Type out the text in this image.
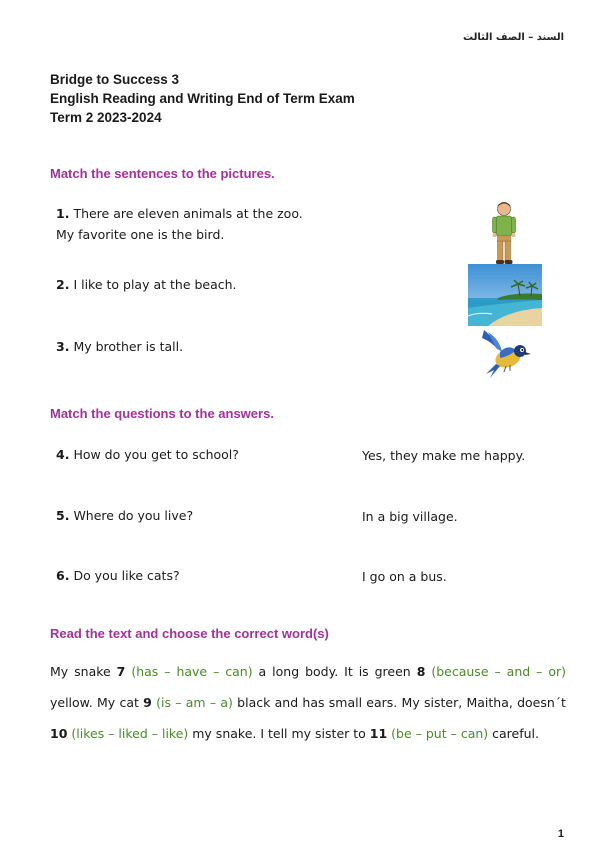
السند – الصف الثالث
Bridge to Success 3
English Reading and Writing End of Term Exam
Term 2 2023-2024
Match the sentences to the pictures.
1. There are eleven animals at the zoo.
My favorite one is the bird.
2. I like to play at the beach.
3. My brother is tall.
Match the questions to the answers.
4. How do you get to school?
5. Where do you live?
6. Do you like cats?
Yes, they make me happy.
In a big village.
I go on a bus.
Read the text and choose the correct word(s)
My snake 7 (has – have – can) a long body. It is green 8 (because – and – or) yellow. My cat 9 (is – am – a) black and has small ears. My sister, Maitha, doesn´t 10 (likes – liked – like) my snake. I tell my sister to 11 (be – put – can) careful.
1
